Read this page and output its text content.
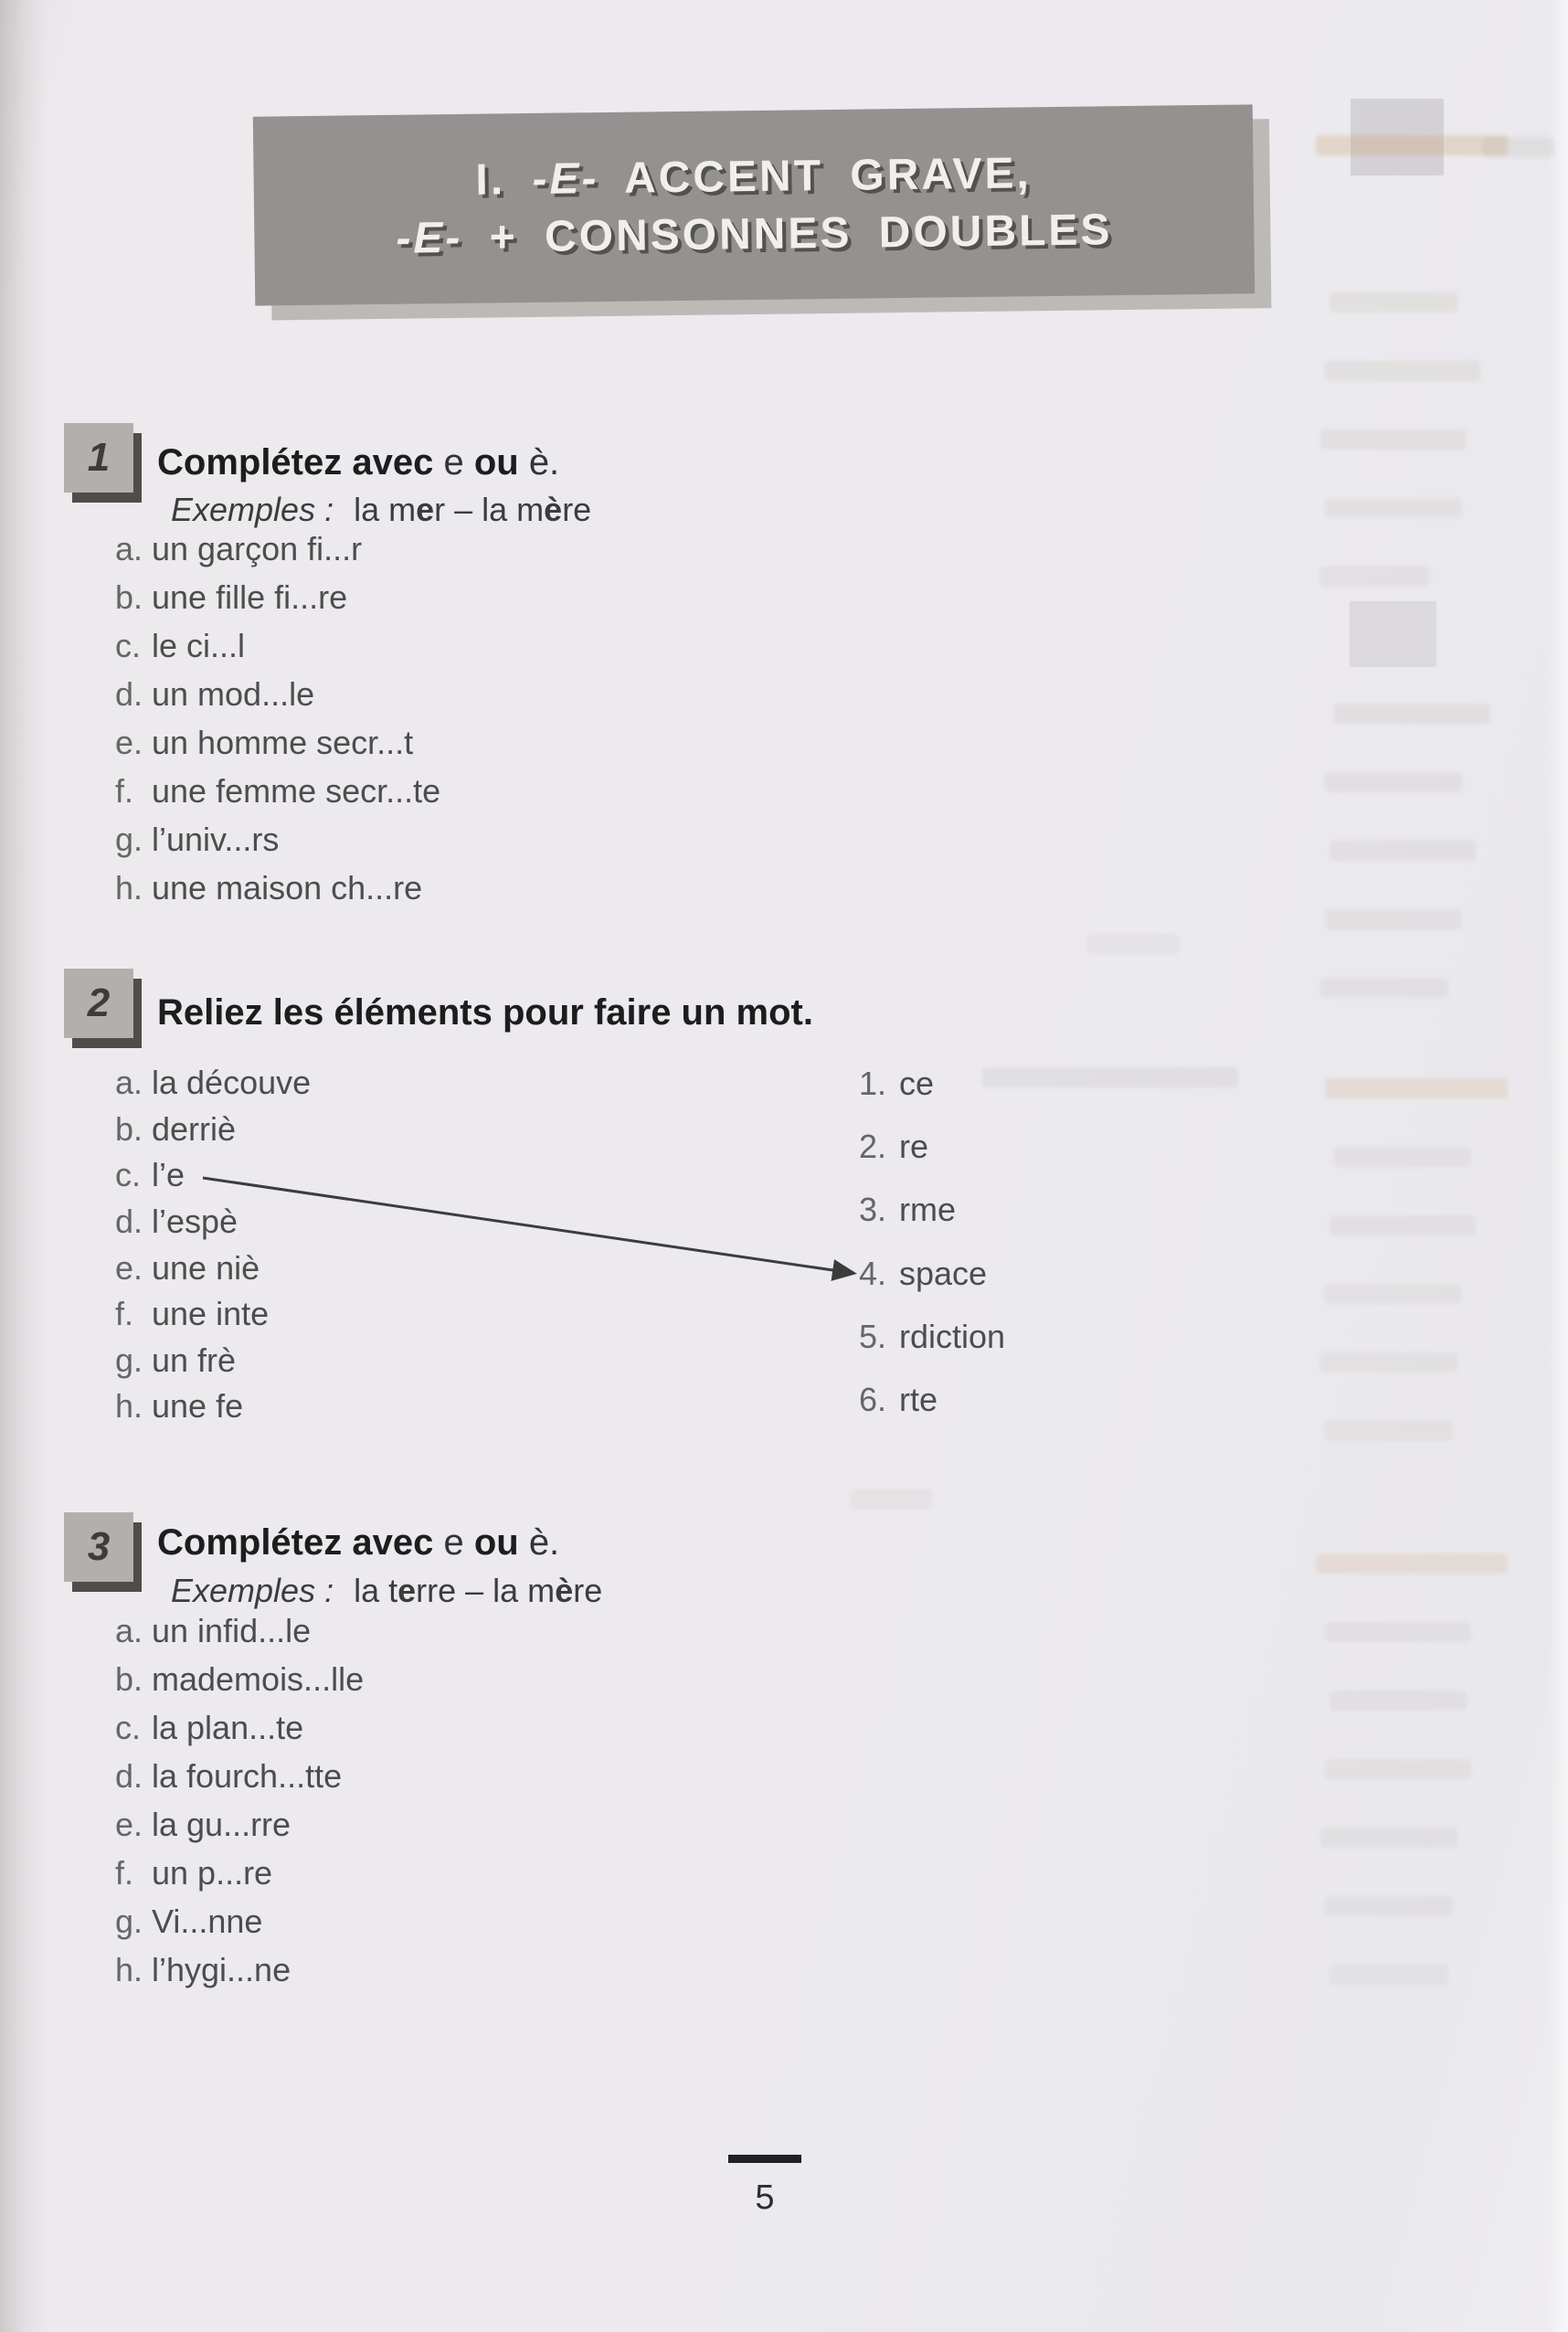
I. -E- ACCENT GRAVE,
-E- + CONSONNES DOUBLES
1 Complétez avec e ou è.
Exemples : la mer – la mère
a. un garçon fi...r
b. une fille fi...re
c. le ci...l
d. un mod...le
e. un homme secr...t
f. une femme secr...te
g. l’univ...rs
h. une maison ch...re
2 Reliez les éléments pour faire un mot.
a. la découve
b. derriè
c. l’e
d. l’espè
e. une niè
f. une inte
g. un frè
h. une fe
1. ce
2. re
3. rme
4. space
5. rdiction
6. rte
3 Complétez avec e ou è.
Exemples : la terre – la mère
a. un infid...le
b. mademois...lle
c. la plan...te
d. la fourch...tte
e. la gu...rre
f. un p...re
g. Vi...nne
h. l’hygi...ne
5
